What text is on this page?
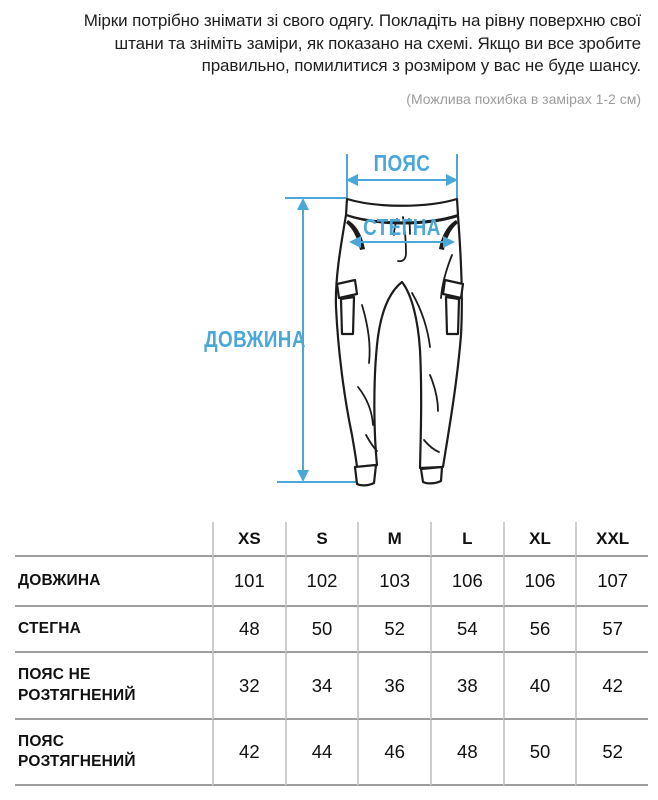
Мірки потрібно знімати зі свого одягу. Покладіть на рівну поверхню свої штани та зніміть заміри, як показано на схемі. Якщо ви все зробите правильно, помилитися з розміром у вас не буде шансу.

(Можлива похибка в замірах 1-2 см)

ДОВЖИНА
ПОЯС
СТЕГНА
XS	S	M	L	XL	XXL
ДОВЖИНА	101 102 103 106 106 107
СТЕГНА	48	50	52	54	56	57
ПОЯС НЕ РОЗТЯГНЕНИЙ	32	34	36	38	40	42
ПОЯС РОЗТЯГНЕНИЙ	42	44	46	48	50	52
